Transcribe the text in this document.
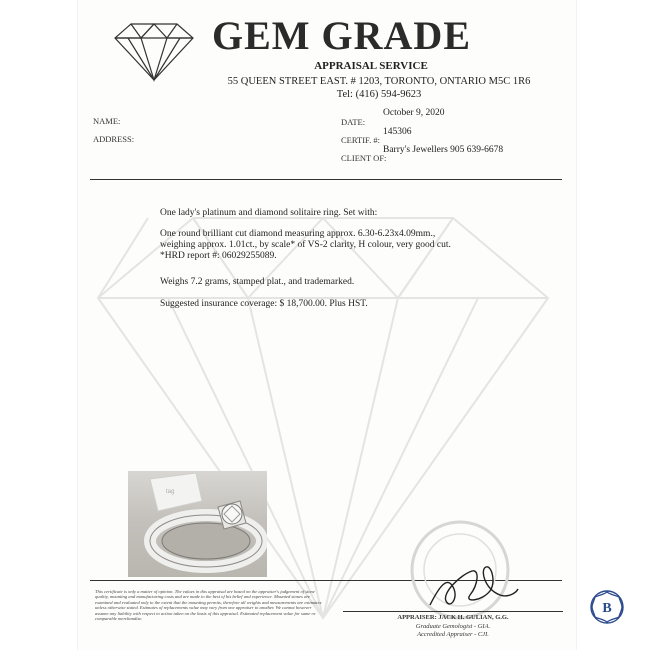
GEM GRADE
APPRAISAL SERVICE
55 QUEEN STREET EAST. # 1203, TORONTO, ONTARIO M5C 1R6
Tel: (416) 594-9623
NAME:
ADDRESS:
October 9, 2020
DATE:
145306
CERTIF. #:
Barry's Jewellers 905 639-6678
CLIENT OF:
One lady's platinum and diamond solitaire ring. Set with:
One round brilliant cut diamond measuring approx. 6.30-6.23x4.09mm.,
weighing approx. 1.01ct., by scale* of VS-2 clarity, H colour, very good cut.
*HRD report #: 06029255089.
Weighs 7.2 grams, stamped plat., and trademarked.
Suggested insurance coverage: $ 18,700.00. Plus HST.
tag
This certificate is only a matter of opinion. The values in this appraisal are based on the appraiser's judgement of stone quality, mounting and manufacturing costs and are made to the best of his belief and experience. Mounted stones are examined and evaluated only to the extent that the mounting permits, therefore all weights and measurements are estimates unless otherwise stated. Estimates of replacements value may vary from one appraiser to another. We cannot however assume any liability with respect to action taken on the basis of this appraisal. Estimated replacement value for same or comparable merchandise.	APPRAISER: JACK H. GULIAN, G.G.
Graduate Gemologist - GIA.
Accredited Appraiser - CJI.
B
